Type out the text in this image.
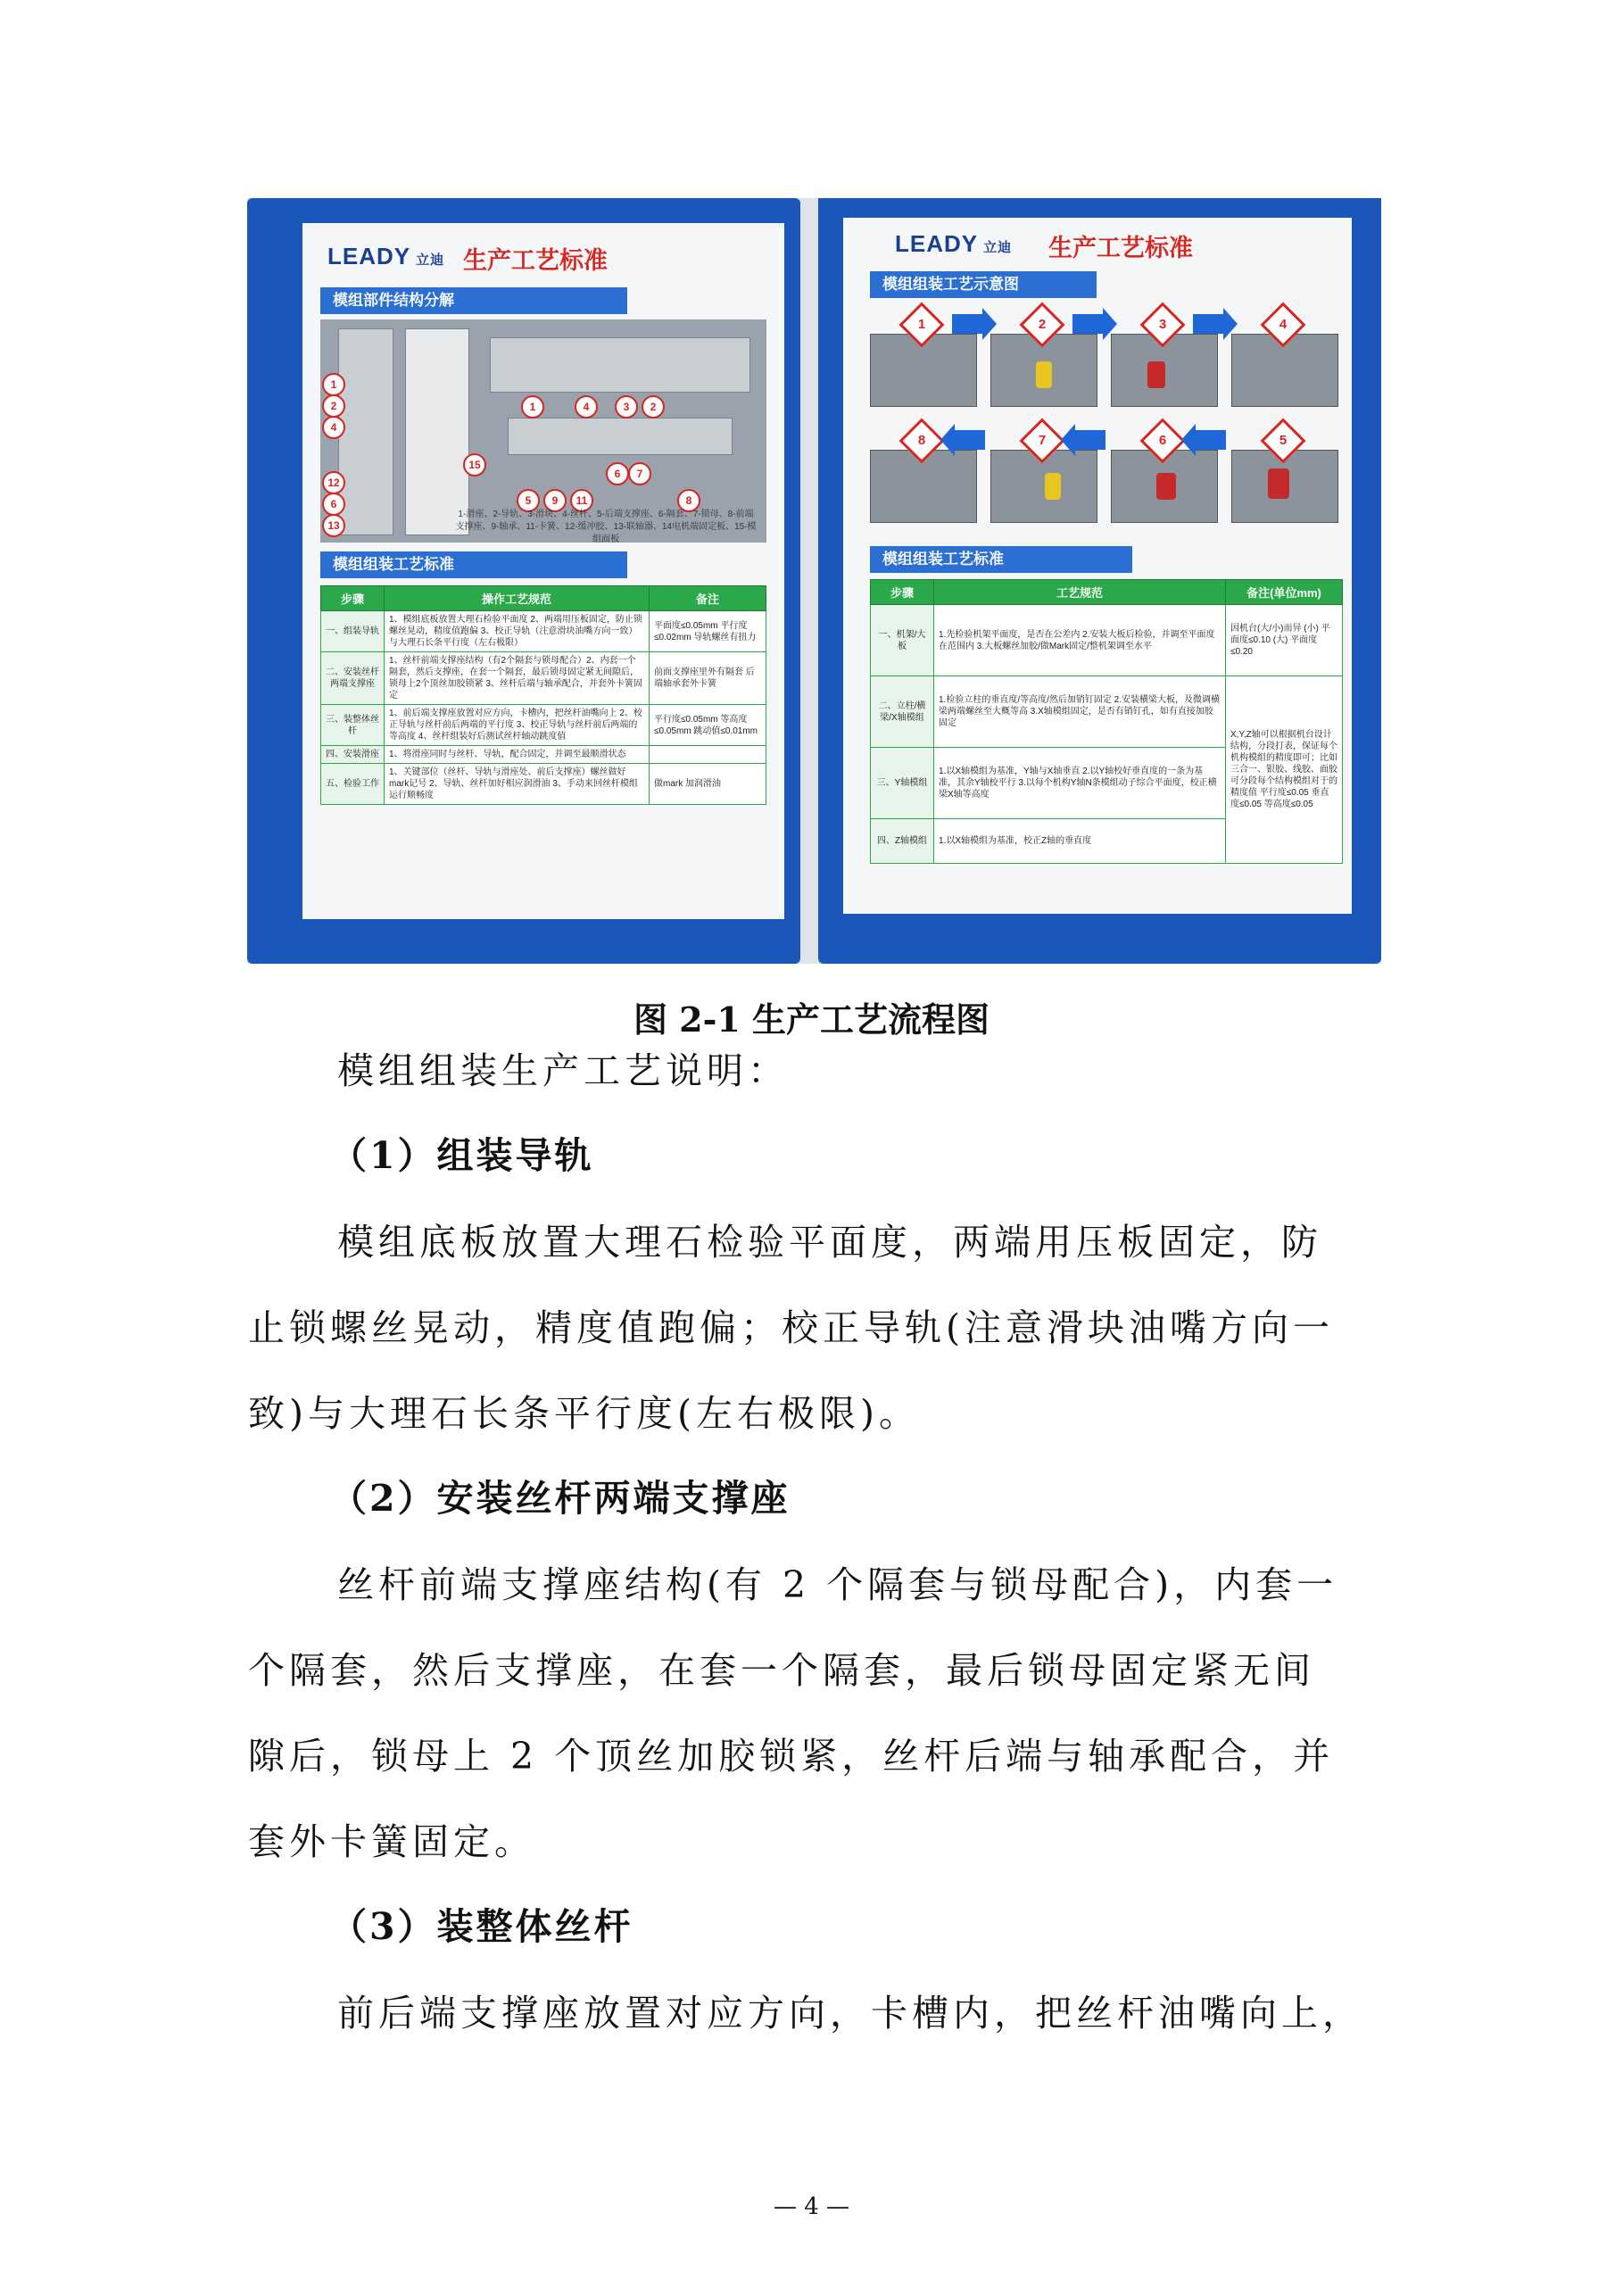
LEADY 立迪 生产工艺标准
模组部件结构分解
1
2
4
12
6
13
15
1	4	3	2
5	9	11
6	7
8
1-滑座、2-导轨、3-滑块、4-丝杆、5-后端支撑座、6-隔套、7-锁母、8-前端支撑座、9-轴承、11-卡簧、12-缓冲胶、13-联轴器、14电机端固定板、15-模组面板
模组组装工艺标准
步骤	操作工艺规范	备注
一、组装导轨	1、模组底板放置大理石检验平面度 2、两端用压板固定，防止锁螺丝晃动，精度值跑偏 3、校正导轨（注意滑块油嘴方向一致）与大理石长条平行度（左右极限）	平面度≤0.05mm 平行度≤0.02mm 导轨螺丝有扭力
二、安装丝杆两端支撑座	1、丝杆前端支撑座结构（有2个隔套与锁母配合）2、内套一个隔套，然后支撑座，在套一个隔套，最后锁母固定紧无间隙后，锁母上2个顶丝加胶锁紧 3、丝杆后端与轴承配合，并套外卡簧固定	前面支撑座里外有隔套 后端轴承套外卡簧
三、装整体丝杆	1、前后端支撑座放置对应方向，卡槽内，把丝杆油嘴向上 2、校正导轨与丝杆前后两端的平行度 3、校正导轨与丝杆前后两端的等高度 4、丝杆组装好后测试丝杆轴动跳度值	平行度≤0.05mm 等高度≤0.05mm 跳动值≤0.01mm
四、安装滑座	1、将滑座同时与丝杆、导轨，配合固定，并调至最顺滑状态	
五、检验工作	1、关键部位（丝杆、导轨与滑座处、前后支撑座）螺丝做好mark记号 2、导轨、丝杆加好相应润滑油 3、手动来回丝杆模组运行顺畅度	做mark 加润滑油
LEADY 立迪 生产工艺标准
模组组装工艺示意图
1	2	3	4
5
6
7
8
模组组装工艺标准
步骤	工艺规范	备注(单位mm)
一、机架/大板	1.先检验机架平面度，是否在公差内 2.安装大板后检验，并调至平面度在范围内 3.大板螺丝加胶/做Mark固定/整机架调至水平	因机台(大/小)而异 (小) 平面度≤0.10 (大) 平面度≤0.20
二、立柱/横梁/X轴模组	1.检验立柱的垂直度/等高度/然后加销钉固定 2.安装横梁大板，及微调横梁两端螺丝至大概等高 3.X轴模组固定，是否有销钉孔，如有直接加胶固定	X,Y,Z轴可以根据机台设计结构，分段打表，保证每个机构模组的精度即可；比如三合一、银胶、线胶、面胶可分段每个结构模组对于的精度值 平行度≤0.05 垂直度≤0.05 等高度≤0.05
三、Y轴模组	1.以X轴模组为基准，Y轴与X轴垂直 2.以Y轴校好垂直度的一条为基准，其余Y轴校平行 3.以每个机构Y轴N条模组动子综合平面度，校正横梁X轴等高度	
四、Z轴模组	1.以X轴模组为基准，校正Z轴的垂直度	
图 2-1 生产工艺流程图
模组组装生产工艺说明：
（1）组装导轨
模组底板放置大理石检验平面度，两端用压板固定，防
止锁螺丝晃动，精度值跑偏；校正导轨(注意滑块油嘴方向一
致)与大理石长条平行度(左右极限)。
（2）安装丝杆两端支撑座
丝杆前端支撑座结构(有 2 个隔套与锁母配合)，内套一
个隔套，然后支撑座，在套一个隔套，最后锁母固定紧无间
隙后，锁母上 2 个顶丝加胶锁紧，丝杆后端与轴承配合，并
套外卡簧固定。
（3）装整体丝杆
前后端支撑座放置对应方向，卡槽内，把丝杆油嘴向上，
— 4 —
